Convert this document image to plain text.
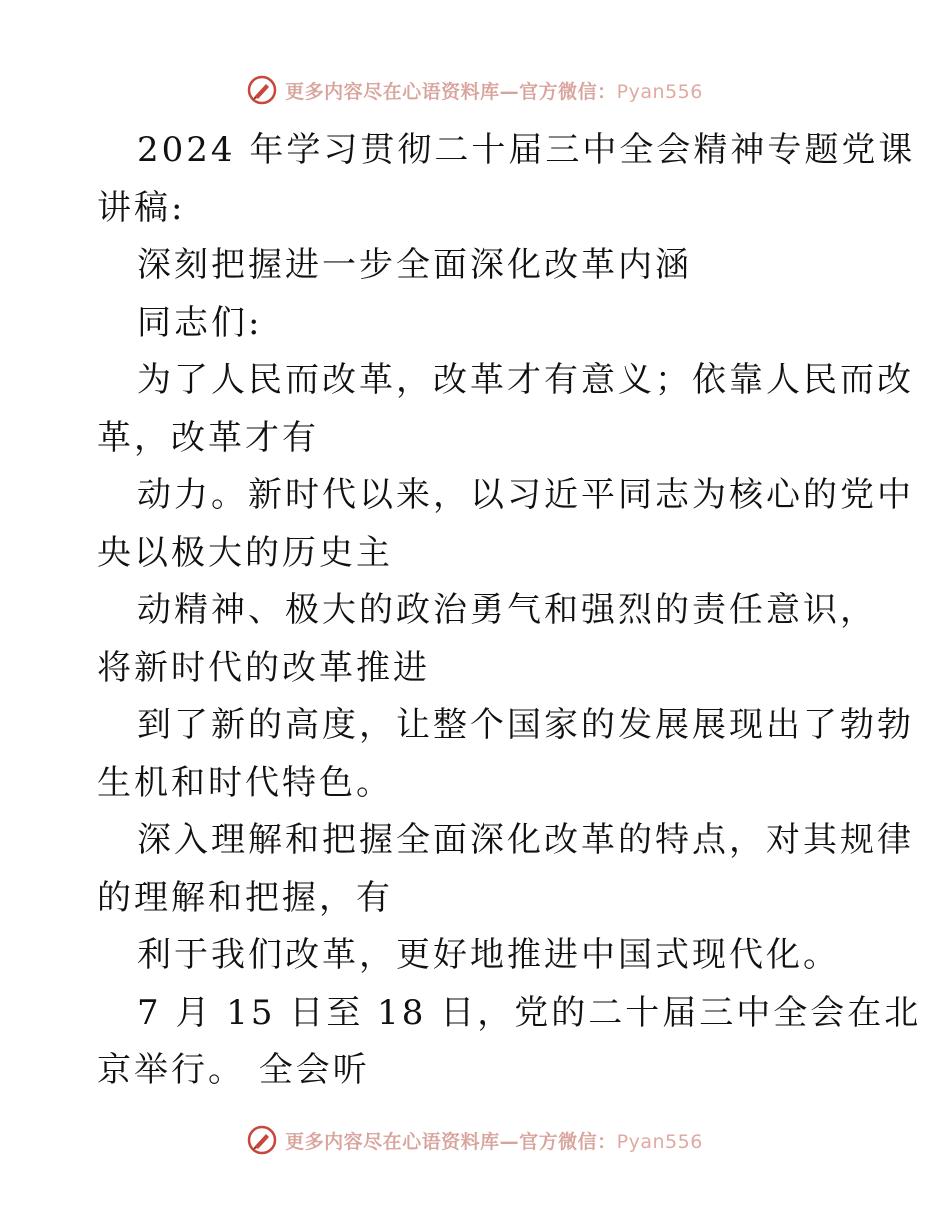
更多内容尽在心语资料库—官方微信：Pyan556
2024 年学习贯彻二十届三中全会精神专题党课
讲稿:
深刻把握进一步全面深化改革内涵
同志们:
为了人民而改革，改革才有意义；依靠人民而改
革，改革才有
动力。新时代以来，以习近平同志为核心的党中
央以极大的历史主
动精神、极大的政治勇气和强烈的责任意识，
将新时代的改革推进
到了新的高度，让整个国家的发展展现出了勃勃
生机和时代特色。
深入理解和把握全面深化改革的特点，对其规律
的理解和把握，有
利于我们改革，更好地推进中国式现代化。
7 月 15 日至 18 日，党的二十届三中全会在北
京举行。 全会听
更多内容尽在心语资料库—官方微信：Pyan556
